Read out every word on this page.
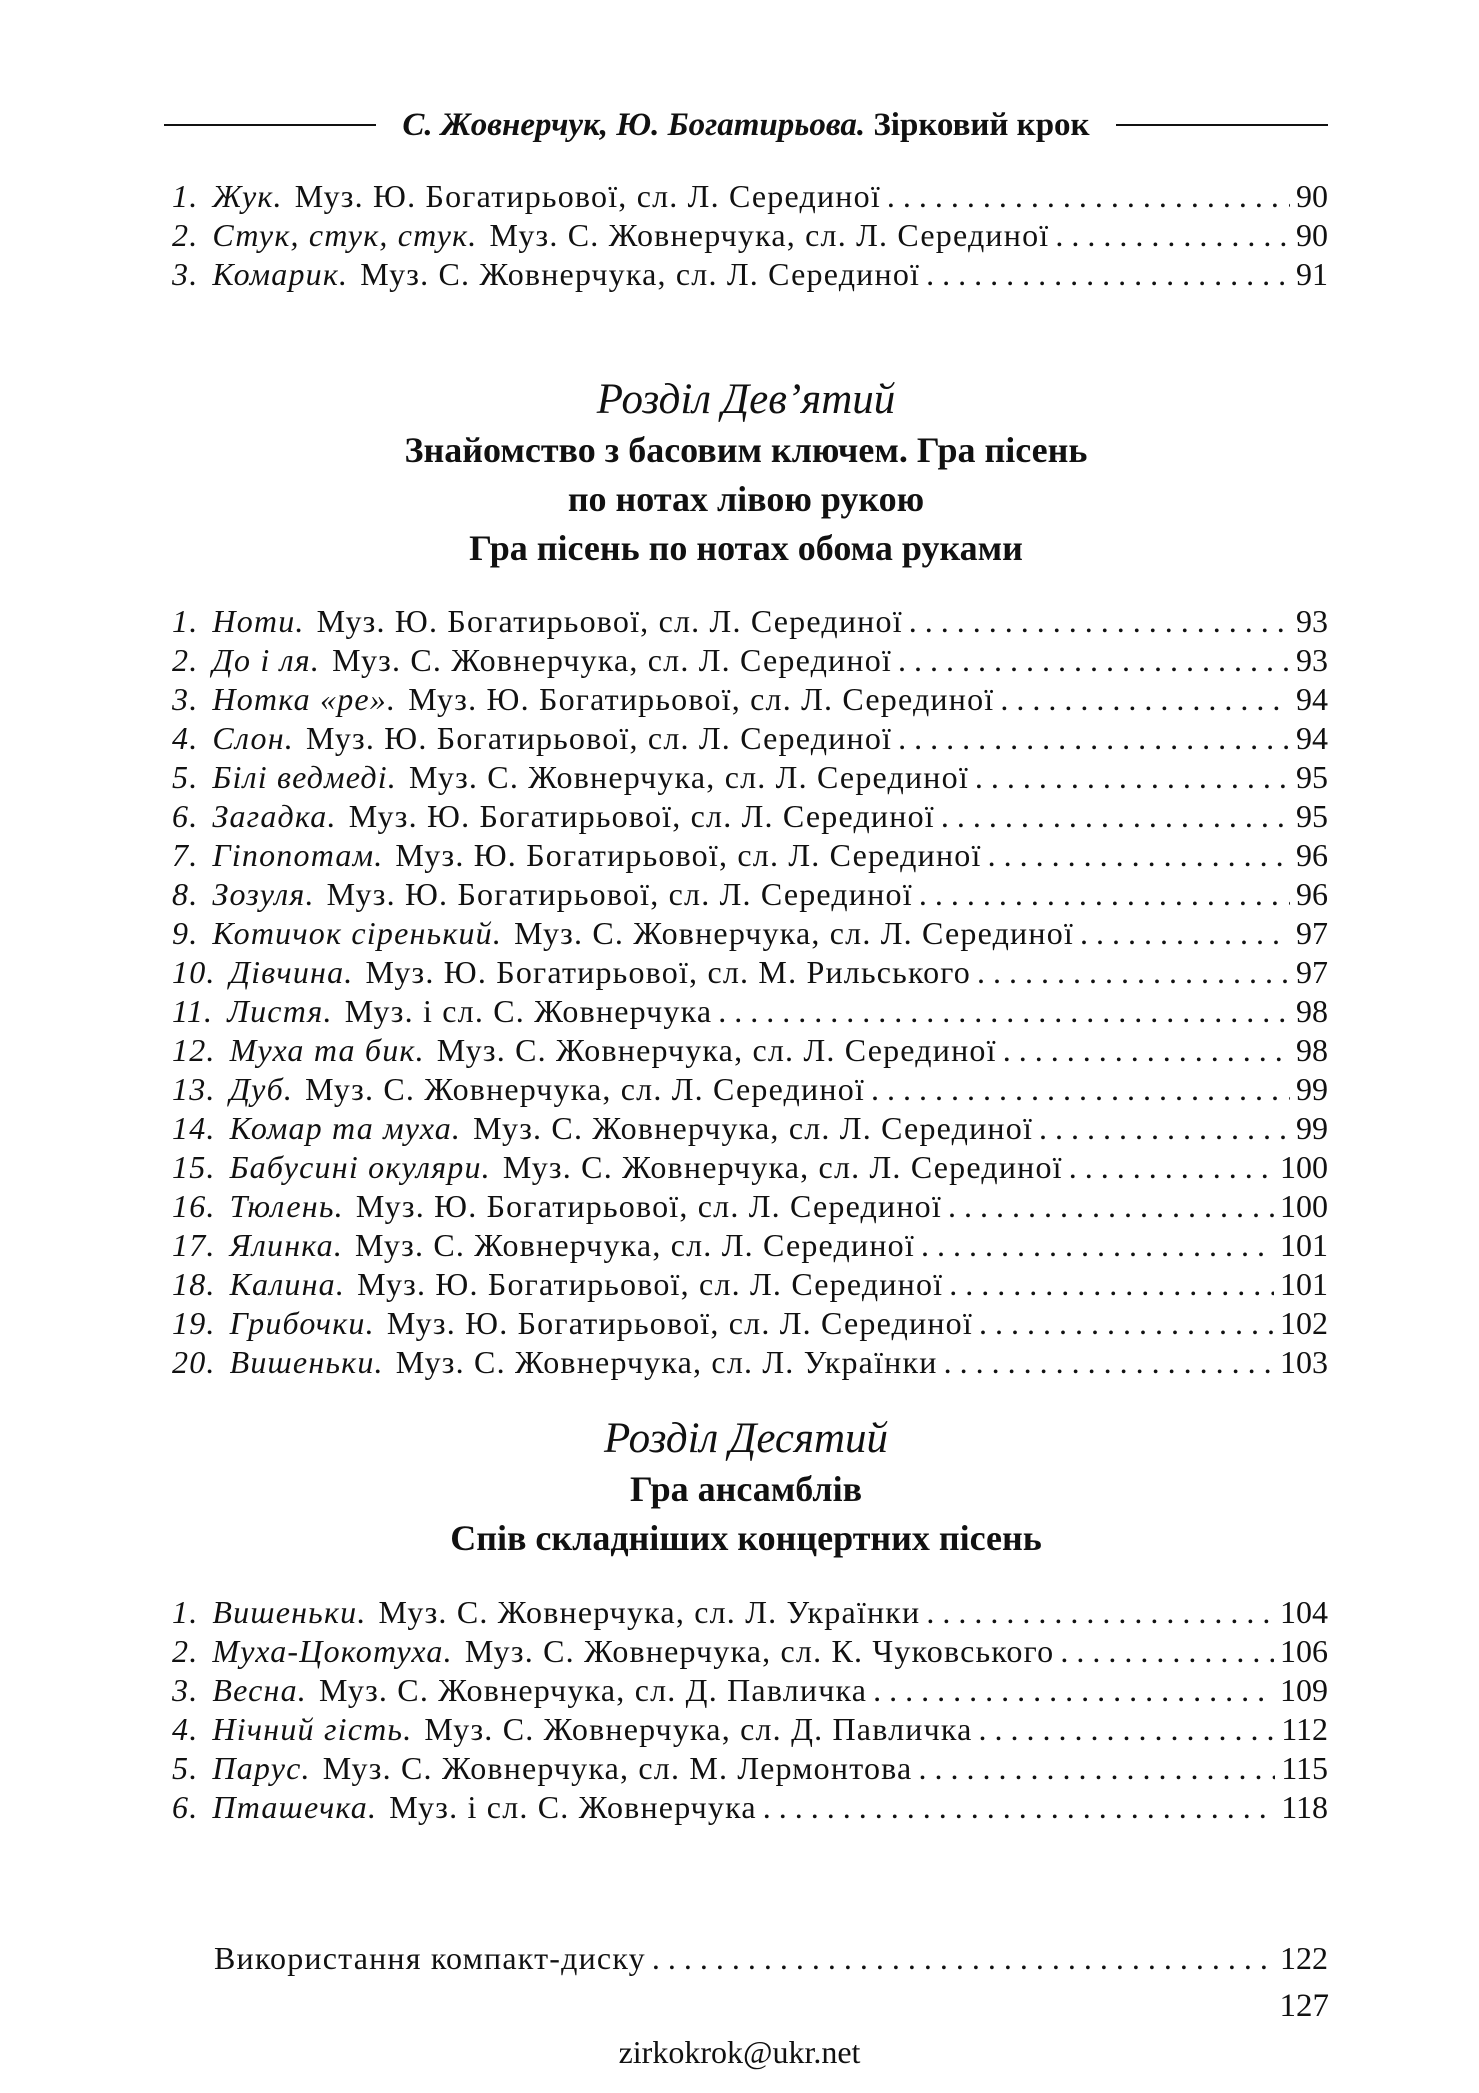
С. Жовнерчук, Ю. Богатирьова. Зірковий крок
1. Жук. Муз. Ю. Богатирьової, сл. Л. Серединої . . .	90
2. Стук, стук, стук. Муз. С. Жовнерчука, сл. Л. Серединої . . .	90
3. Комарик. Муз. С. Жовнерчука, сл. Л. Серединої . . .	91
Розділ Дев’ятий
Знайомство з басовим ключем. Гра пісень
по нотах лівою рукою
Гра пісень по нотах обома руками
1. Ноти. Муз. Ю. Богатирьової, сл. Л. Серединої . . .	93
2. До і ля. Муз. С. Жовнерчука, сл. Л. Серединої . . .	93
3. Нотка «ре». Муз. Ю. Богатирьової, сл. Л. Серединої . . .	94
4. Слон. Муз. Ю. Богатирьової, сл. Л. Серединої . . .	94
5. Білі ведмеді. Муз. С. Жовнерчука, сл. Л. Серединої . . .	95
6. Загадка. Муз. Ю. Богатирьової, сл. Л. Серединої . . .	95
7. Гіпопотам. Муз. Ю. Богатирьової, сл. Л. Серединої . . .	96
8. Зозуля. Муз. Ю. Богатирьової, сл. Л. Серединої . . .	96
9. Котичок сіренький. Муз. С. Жовнерчука, сл. Л. Серединої . . .	97
10. Дівчина. Муз. Ю. Богатирьової, сл. М. Рильського . . .	97
11. Листя. Муз. і сл. С. Жовнерчука . . .	98
12. Муха та бик. Муз. С. Жовнерчука, сл. Л. Серединої . . .	98
13. Дуб. Муз. С. Жовнерчука, сл. Л. Серединої . . .	99
14. Комар та муха. Муз. С. Жовнерчука, сл. Л. Серединої . . .	99
15. Бабусині окуляри. Муз. С. Жовнерчука, сл. Л. Серединої . . .	100
16. Тюлень. Муз. Ю. Богатирьової, сл. Л. Серединої . . .	100
17. Ялинка. Муз. С. Жовнерчука, сл. Л. Серединої . . .	101
18. Калина. Муз. Ю. Богатирьової, сл. Л. Серединої . . .	101
19. Грибочки. Муз. Ю. Богатирьової, сл. Л. Серединої . . .	102
20. Вишеньки. Муз. С. Жовнерчука, сл. Л. Українки . . .	103
Розділ Десятий
Гра ансамблів
Спів складніших концертних пісень
1. Вишеньки. Муз. С. Жовнерчука, сл. Л. Українки . . .	104
2. Муха-Цокотуха. Муз. С. Жовнерчука, сл. К. Чуковського . . .	106
3. Весна. Муз. С. Жовнерчука, сл. Д. Павличка . . .	109
4. Нічний гість. Муз. С. Жовнерчука, сл. Д. Павличка . . .	112
5. Парус. Муз. С. Жовнерчука, сл. М. Лермонтова . . .	115
6. Пташечка. Муз. і сл. С. Жовнерчука . . .	118
Використання компакт-диску . . .	122
127
zirkokrok@ukr.net
